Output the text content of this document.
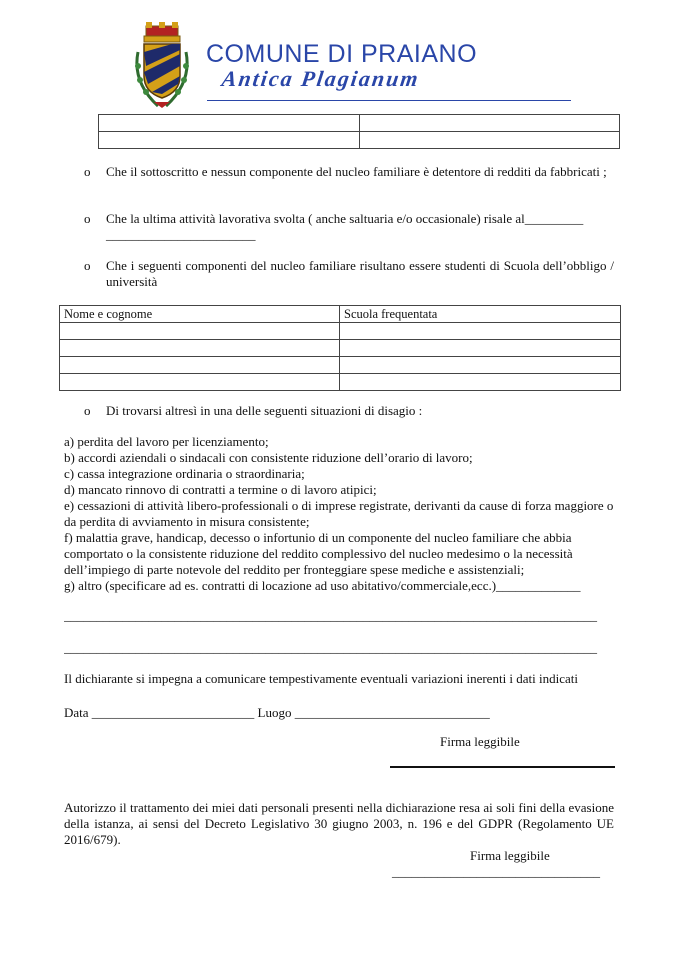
COMUNE DI PRAIANO
Antica Plagianum

o Che il sottoscritto e nessun componente del nucleo familiare è detentore di redditi da fabbricati ;
o Che la ultima attività lavorativa svolta ( anche saltuaria e/o occasionale) risale al_________ _______________________
o Che i seguenti componenti del nucleo familiare risultano essere studenti di Scuola dell’obbligo / università
Nome e cognome	Scuola frequentata

o Di trovarsi altresì in una delle seguenti situazioni di disagio :
a) perdita del lavoro per licenziamento;
b) accordi aziendali o sindacali con consistente riduzione dell’orario di lavoro;
c) cassa integrazione ordinaria o straordinaria;
d) mancato rinnovo di contratti a termine o di lavoro atipici;
e) cessazioni di attività libero-professionali o di imprese registrate, derivanti da cause di forza maggiore o da perdita di avviamento in misura consistente;
f) malattia grave, handicap, decesso o infortunio di un componente del nucleo familiare che abbia comportato o la consistente riduzione del reddito complessivo del nucleo medesimo o la necessità dell’impiego di parte notevole del reddito per fronteggiare spese mediche e assistenziali;
g) altro (specificare ad es. contratti di locazione ad uso abitativo/commerciale,ecc.)_____________
__________________________________________________________________________________
__________________________________________________________________________________
Il dichiarante si impegna a comunicare tempestivamente eventuali variazioni inerenti i dati indicati
Data _________________________ Luogo ______________________________
Firma leggibile
Autorizzo il trattamento dei miei dati personali presenti nella dichiarazione resa ai soli fini della evasione della istanza, ai sensi del Decreto Legislativo 30 giugno 2003, n. 196 e del GDPR (Regolamento UE 2016/679).
Firma leggibile
________________________________
